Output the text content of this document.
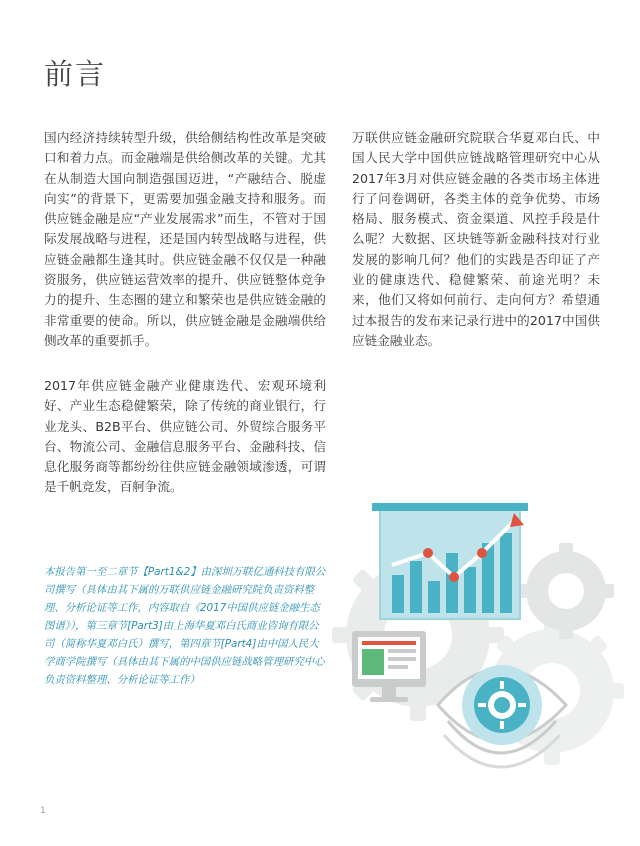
前言

国内经济持续转型升级，供给侧结构性改革是突破口和着力点。而金融端是供给侧改革的关键。尤其在从制造大国向制造强国迈进，“产融结合、脱虚向实”的背景下，更需要加强金融支持和服务。而供应链金融是应“产业发展需求”而生，不管对于国际发展战略与进程，还是国内转型战略与进程，供应链金融都生逢其时。供应链金融不仅仅是一种融资服务，供应链运营效率的提升、供应链整体竞争力的提升、生态圈的建立和繁荣也是供应链金融的非常重要的使命。所以，供应链金融是金融端供给侧改革的重要抓手。

2017年供应链金融产业健康迭代、宏观环境利好、产业生态稳健繁荣，除了传统的商业银行，行业龙头、B2B平台、供应链公司、外贸综合服务平台、物流公司、金融信息服务平台、金融科技、信息化服务商等都纷纷往供应链金融领域渗透，可谓是千帆竞发，百舸争流。

万联供应链金融研究院联合华夏邓白氏、中国人民大学中国供应链战略管理研究中心从2017年3月对供应链金融的各类市场主体进行了问卷调研，各类主体的竞争优势、市场格局、服务模式、资金渠道、风控手段是什么呢？大数据、区块链等新金融科技对行业发展的影响几何？他们的实践是否印证了产业的健康迭代、稳健繁荣、前途光明？未来，他们又将如何前行、走向何方？希望通过本报告的发布来记录行进中的2017中国供应链金融业态。

本报告第一至二章节【Part1&2】由深圳万联亿通科技有限公司撰写（具体由其下属的万联供应链金融研究院负责资料整理、分析论证等工作，内容取自《2017中国供应链金融生态图谱》），第三章节[Part3]由上海华夏邓白氏商业咨询有限公司（简称华夏邓白氏）撰写，第四章节[Part4]由中国人民大学商学院撰写（具体由其下属的中国供应链战略管理研究中心负责资料整理、分析论证等工作）

1
